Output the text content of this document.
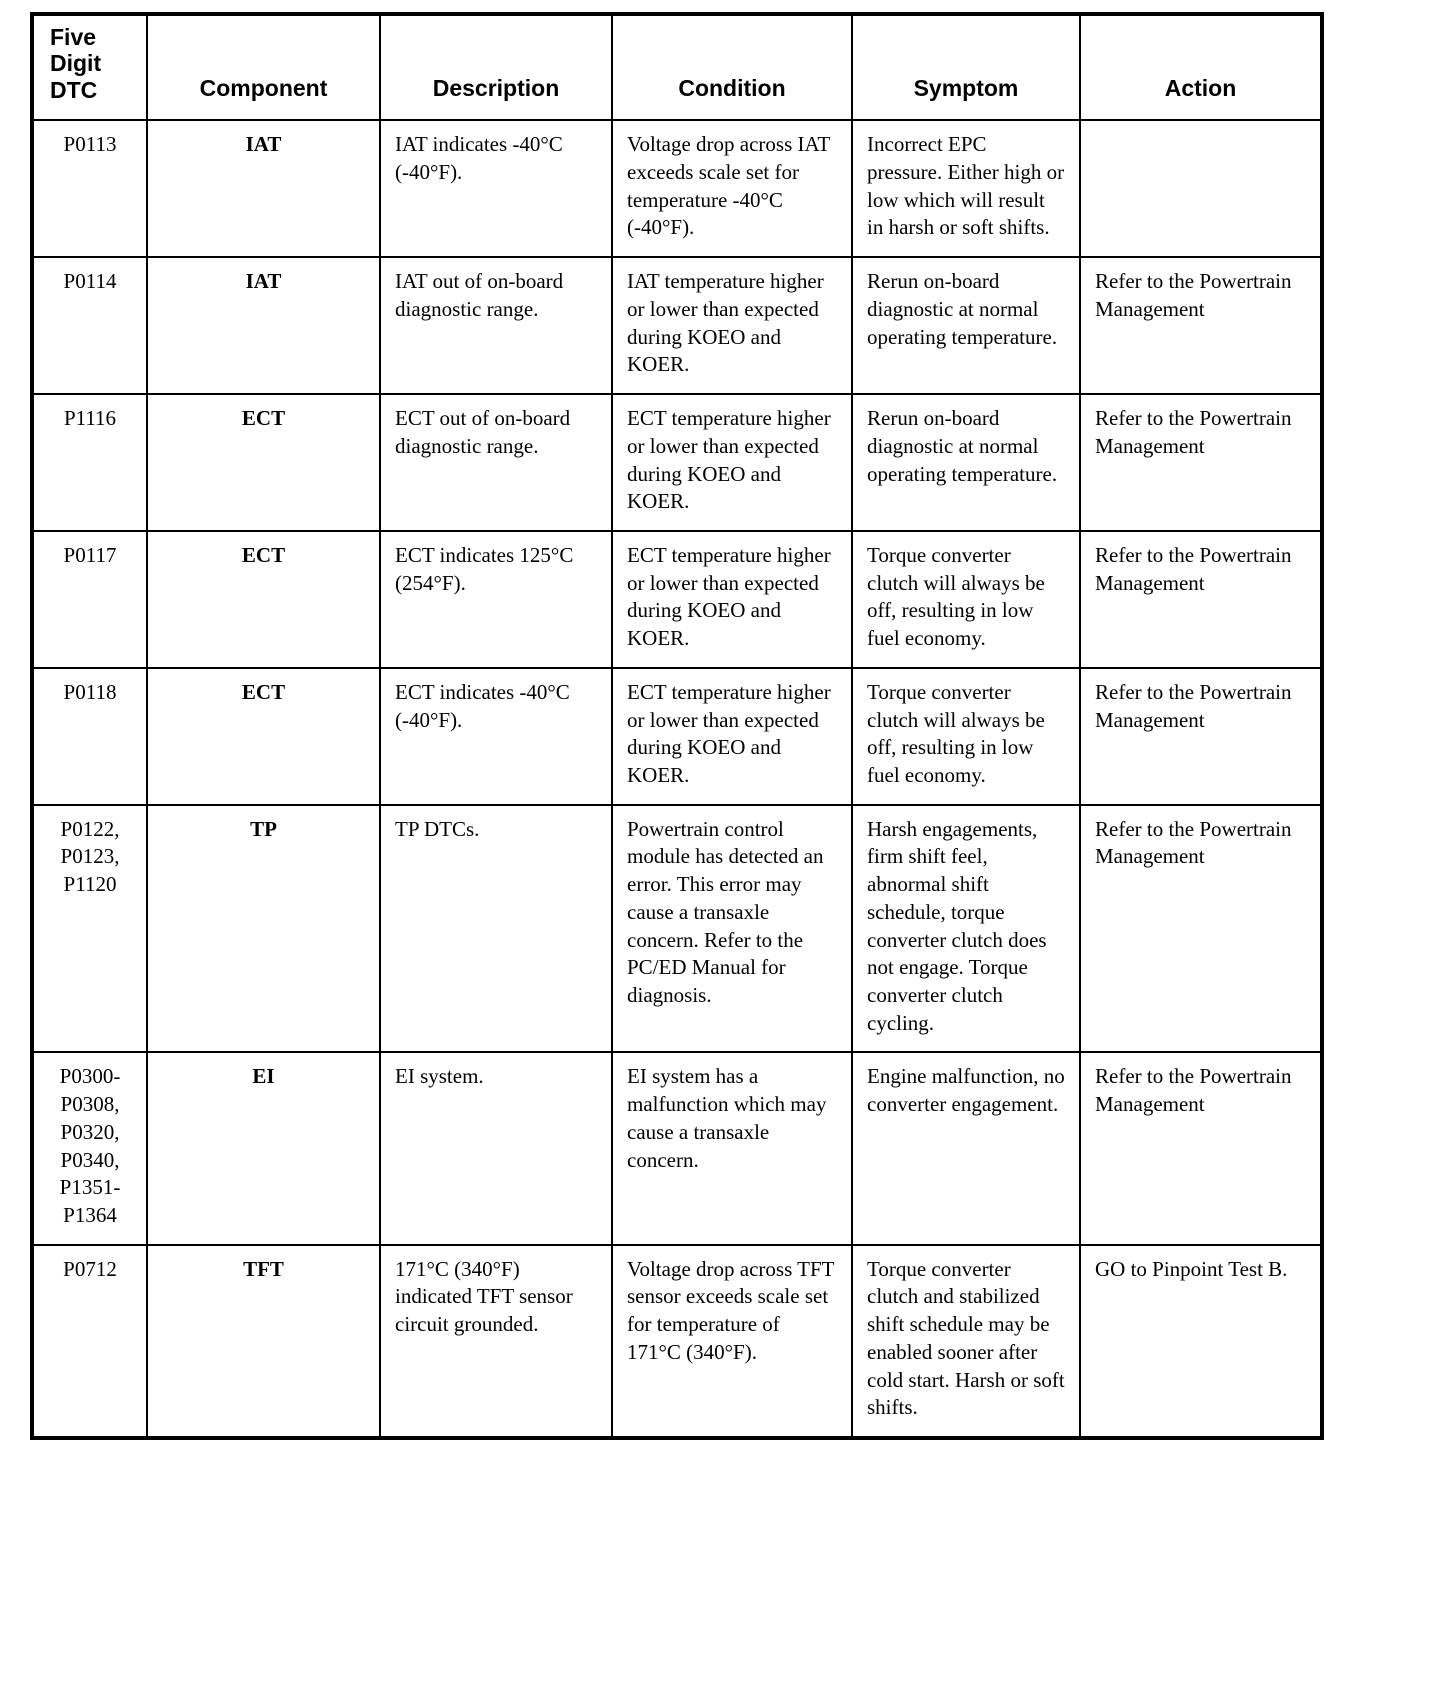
Five Digit DTC	Component	Description	Condition	Symptom	Action
P0113	IAT	IAT indicates -40°C (-40°F).	Voltage drop across IAT exceeds scale set for temperature -40°C (-40°F).	Incorrect EPC pressure. Either high or low which will result in harsh or soft shifts.	
P0114	IAT	IAT out of on-board diagnostic range.	IAT temperature higher or lower than expected during KOEO and KOER.	Rerun on-board diagnostic at normal operating temperature.	Refer to the Powertrain Management
P1116	ECT	ECT out of on-board diagnostic range.	ECT temperature higher or lower than expected during KOEO and KOER.	Rerun on-board diagnostic at normal operating temperature.	Refer to the Powertrain Management
P0117	ECT	ECT indicates 125°C (254°F).	ECT temperature higher or lower than expected during KOEO and KOER.	Torque converter clutch will always be off, resulting in low fuel economy.	Refer to the Powertrain Management
P0118	ECT	ECT indicates -40°C (-40°F).	ECT temperature higher or lower than expected during KOEO and KOER.	Torque converter clutch will always be off, resulting in low fuel economy.	Refer to the Powertrain Management
P0122, P0123, P1120	TP	TP DTCs.	Powertrain control module has detected an error. This error may cause a transaxle concern. Refer to the PC/ED Manual for diagnosis.	Harsh engagements, firm shift feel, abnormal shift schedule, torque converter clutch does not engage. Torque converter clutch cycling.	Refer to the Powertrain Management
P0300- P0308, P0320, P0340, P1351- P1364	EI	EI system.	EI system has a malfunction which may cause a transaxle concern.	Engine malfunction, no converter engagement.	Refer to the Powertrain Management
P0712	TFT	171°C (340°F) indicated TFT sensor circuit grounded.	Voltage drop across TFT sensor exceeds scale set for temperature of 171°C (340°F).	Torque converter clutch and stabilized shift schedule may be enabled sooner after cold start. Harsh or soft shifts.	GO to Pinpoint Test B.
